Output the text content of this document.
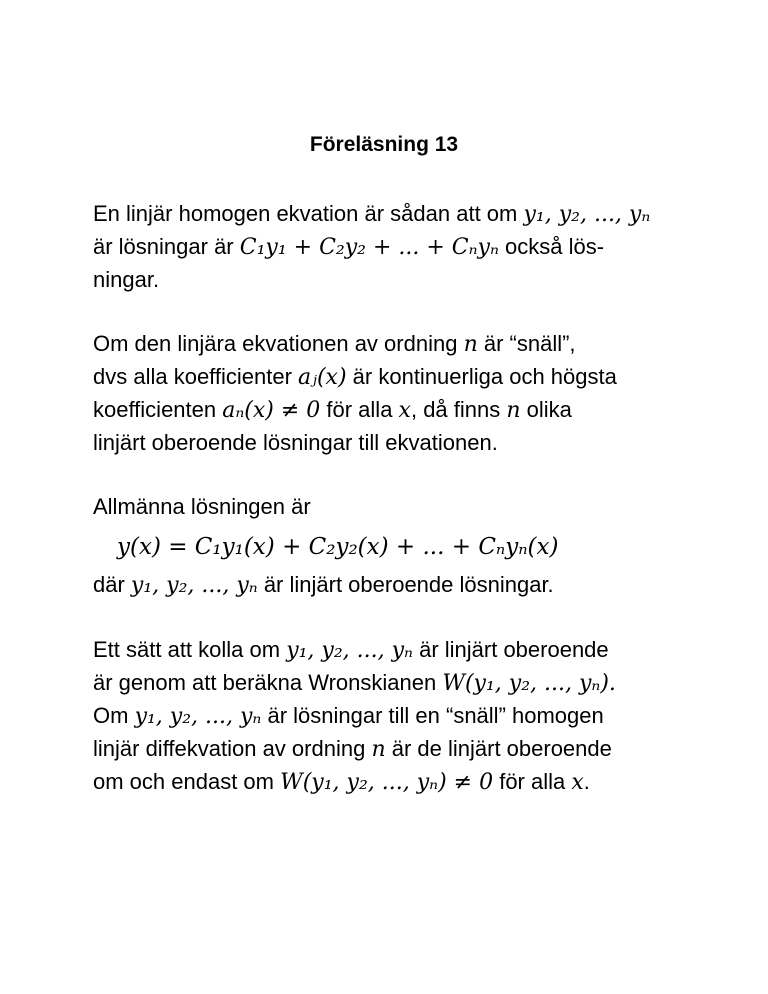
Föreläsning 13
En linjär homogen ekvation är sådan att om y₁, y₂, ..., yₙ
är lösningar är C₁y₁ + C₂y₂ + ... + Cₙyₙ också lös-
ningar.
Om den linjära ekvationen av ordning n är “snäll”,
dvs alla koefficienter aⱼ(x) är kontinuerliga och högsta
koefficienten aₙ(x) ≠ 0 för alla x, då finns n olika
linjärt oberoende lösningar till ekvationen.
Allmänna lösningen är
y(x) = C₁y₁(x) + C₂y₂(x) + ... + Cₙyₙ(x)
där y₁, y₂, ..., yₙ är linjärt oberoende lösningar.
Ett sätt att kolla om y₁, y₂, ..., yₙ är linjärt oberoende
är genom att beräkna Wronskianen W(y₁, y₂, ..., yₙ).
Om y₁, y₂, ..., yₙ är lösningar till en “snäll” homogen
linjär diffekvation av ordning n är de linjärt oberoende
om och endast om W(y₁, y₂, ..., yₙ) ≠ 0 för alla x.
